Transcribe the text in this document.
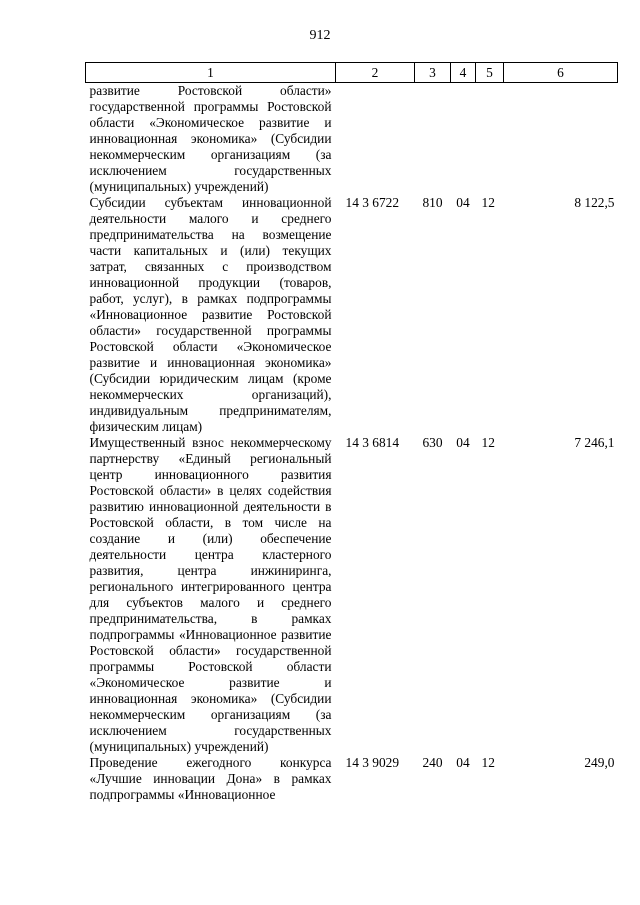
912
1	2	3	4	5	6
развитие Ростовской области» государственной программы Ростовской области «Экономическое развитие и инновационная экономика» (Субсидии некоммерческим организациям (за исключением государственных (муниципальных) учреждений)					
Субсидии субъектам инновационной деятельности малого и среднего предпринимательства на возмещение части капитальных и (или) текущих затрат, связанных с производством инновационной продукции (товаров, работ, услуг), в рамках подпрограммы «Инновационное развитие Ростовской области» государственной программы Ростовской области «Экономическое развитие и инновационная экономика» (Субсидии юридическим лицам (кроме некоммерческих организаций), индивидуальным предпринимателям, физическим лицам)	14 3 6722	810	04	12	8 122,5
Имущественный взнос некоммерческому партнерству «Единый региональный центр инновационного развития Ростовской области» в целях содействия развитию инновационной деятельности в Ростовской области, в том числе на создание и (или) обеспечение деятельности центра кластерного развития, центра инжиниринга, регионального интегрированного центра для субъектов малого и среднего предпринимательства, в рамках подпрограммы «Инновационное развитие Ростовской области» государственной программы Ростовской области «Экономическое развитие и инновационная экономика» (Субсидии некоммерческим организациям (за исключением государственных (муниципальных) учреждений)	14 3 6814	630	04	12	7 246,1
Проведение ежегодного конкурса «Лучшие инновации Дона» в рамках подпрограммы «Инновационное	14 3 9029	240	04	12	249,0
